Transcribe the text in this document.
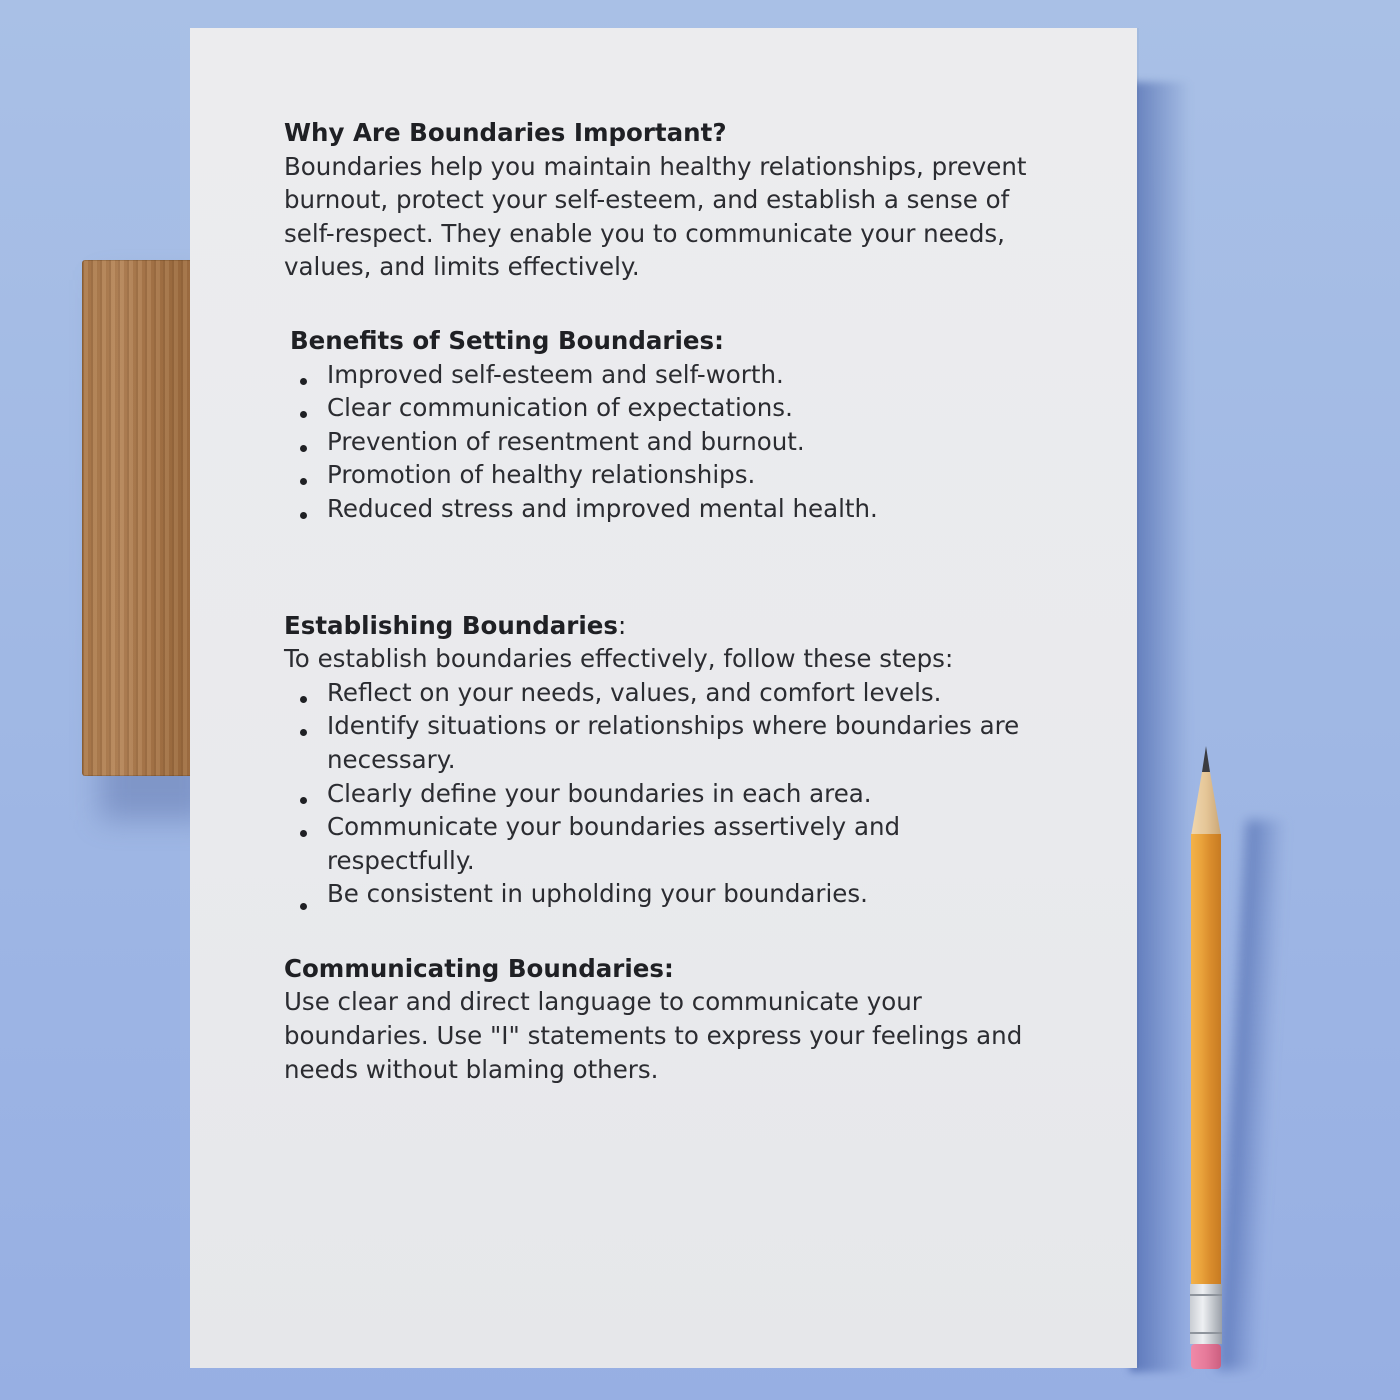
Why Are Boundaries Important?

Boundaries help you maintain healthy relationships, prevent

burnout, protect your self-esteem, and establish a sense of

self-respect. They enable you to communicate your needs,

values, and limits effectively.

Benefits of Setting Boundaries:

Improved self-esteem and self-worth.
Clear communication of expectations.
Prevention of resentment and burnout.
Promotion of healthy relationships.
Reduced stress and improved mental health.

Establishing Boundaries:

To establish boundaries effectively, follow these steps:

Reflect on your needs, values, and comfort levels.
Identify situations or relationships where boundaries are
necessary.
Clearly define your boundaries in each area.
Communicate your boundaries assertively and
respectfully.
Be consistent in upholding your boundaries.

Communicating Boundaries:

Use clear and direct language to communicate your

boundaries. Use "I" statements to express your feelings and

needs without blaming others.
